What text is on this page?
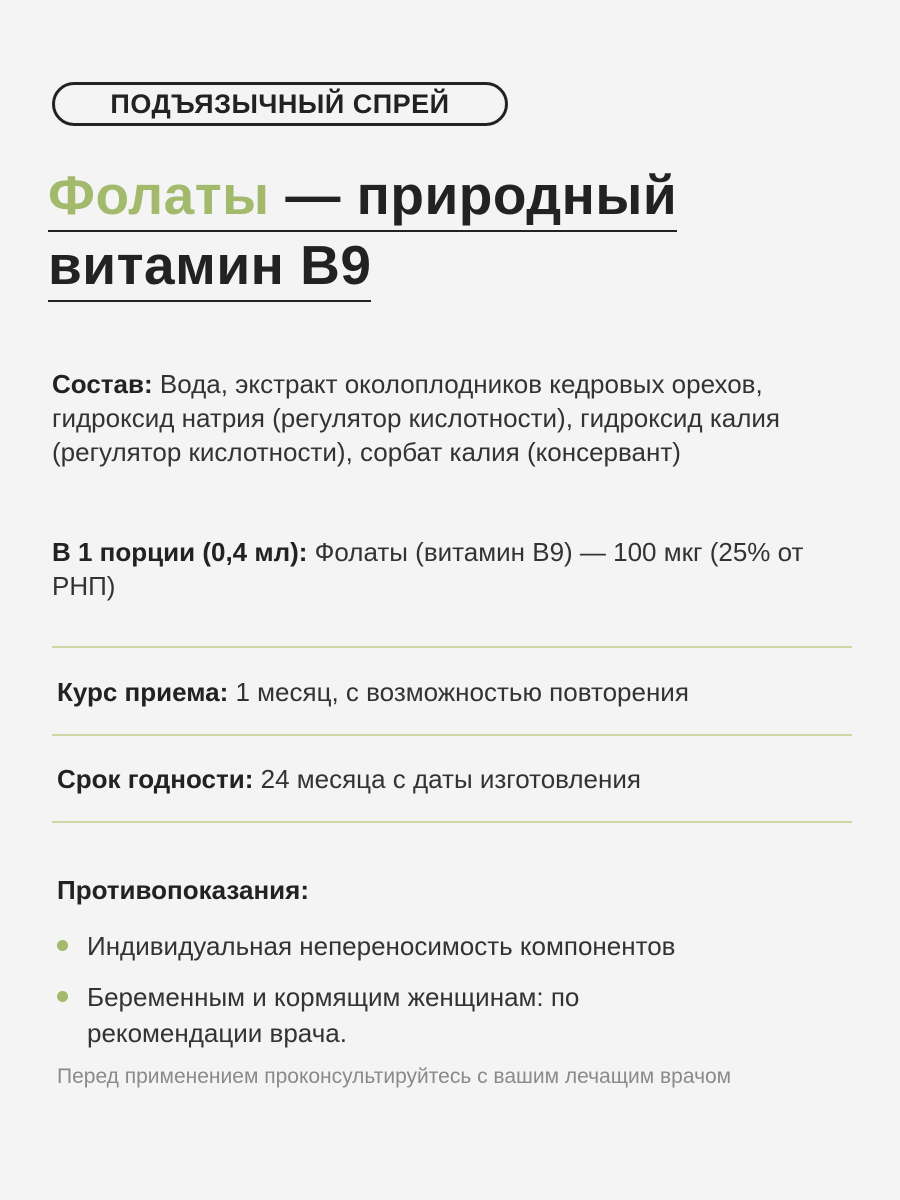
ПОДЪЯЗЫЧНЫЙ СПРЕЙ
Фолаты — природный
витамин В9

Состав: Вода, экстракт околоплодников кедровых орехов, гидроксид натрия (регулятор кислотности), гидроксид калия (регулятор кислотности), сорбат калия (консервант)

В 1 порции (0,4 мл): Фолаты (витамин В9) — 100 мкг (25% от РНП)

Курс приема: 1 месяц, с возможностью повторения

Срок годности: 24 месяца с даты изготовления

Противопоказания:

Индивидуальная непереносимость компонентов
Беременным и кормящим женщинам: по рекомендации врача.

Перед применением проконсультируйтесь с вашим лечащим врачом
